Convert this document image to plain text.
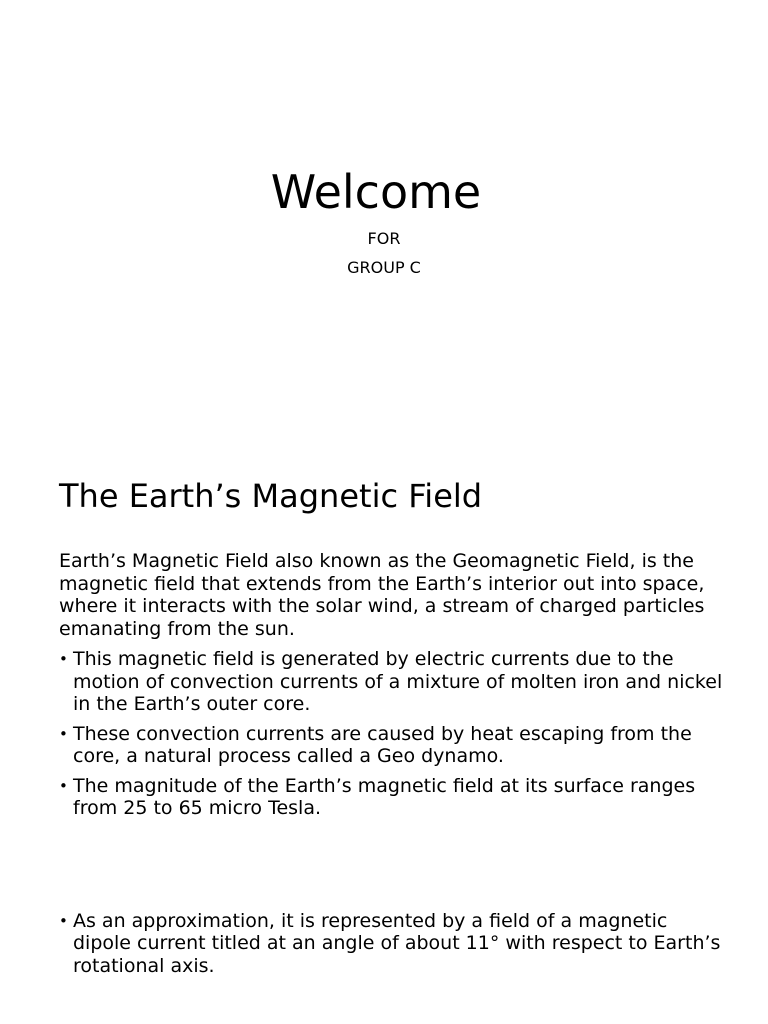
Welcome

FOR

GROUP C

The Earth’s Magnetic Field

Earth’s Magnetic Field also known as the Geomagnetic Field, is the magnetic field that extends from the Earth’s interior out into space, where it interacts with the solar wind, a stream of charged particles emanating from the sun.

• This magnetic field is generated by electric currents due to the motion of convection currents of a mixture of molten iron and nickel in the Earth’s outer core.
• These convection currents are caused by heat escaping from the core, a natural process called a Geo dynamo.
• The magnitude of the Earth’s magnetic field at its surface ranges from 25 to 65 micro Tesla.
• As an approximation, it is represented by a field of a magnetic dipole current titled at an angle of about 11° with respect to Earth’s rotational axis.
